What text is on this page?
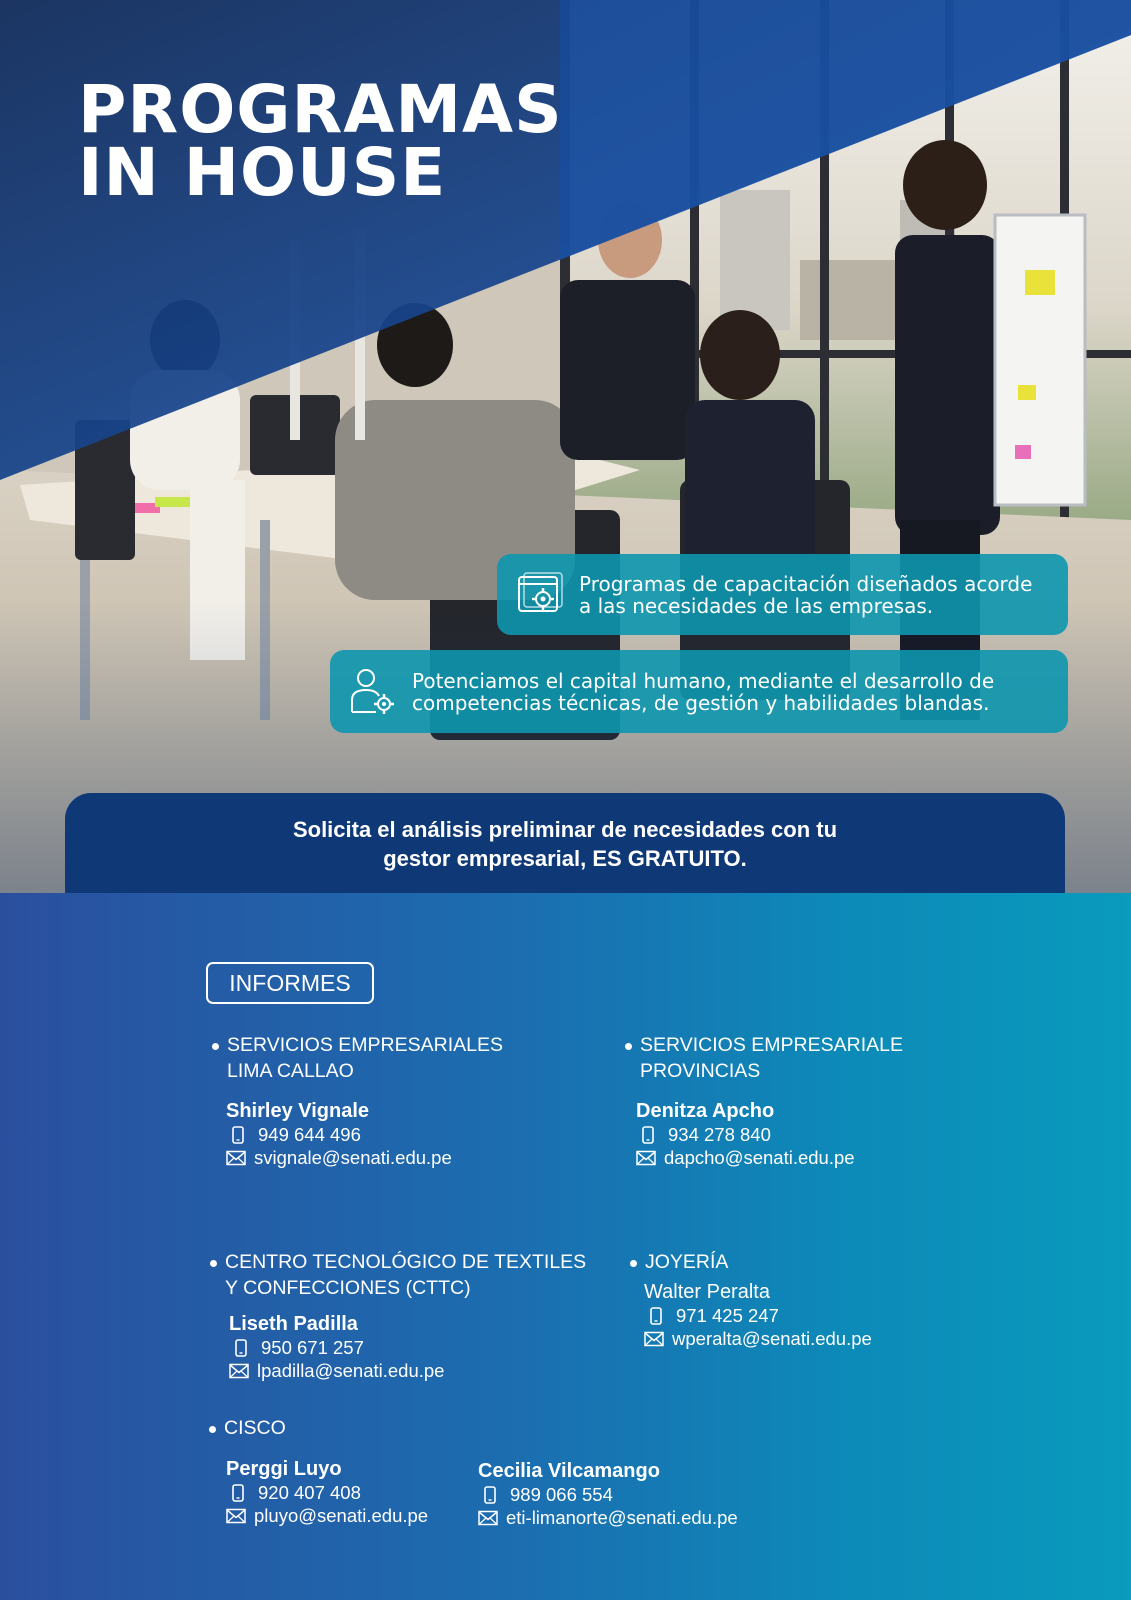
PROGRAMAS
IN HOUSE
Programas de capacitación diseñados acorde a las necesidades de las empresas.
Potenciamos el capital humano, mediante el desarrollo de competencias técnicas, de gestión y habilidades blandas.
Solicita el análisis preliminar de necesidades con tu
gestor empresarial, ES GRATUITO.
INFORMES
SERVICIOS EMPRESARIALES
LIMA CALLAO

Shirley Vignale

949 644 496
svignale@senati.edu.pe
SERVICIOS EMPRESARIALE
PROVINCIAS

Denitza Apcho

934 278 840
dapcho@senati.edu.pe
CENTRO TECNOLÓGICO DE TEXTILES
Y CONFECCIONES (CTTC)

Liseth Padilla

950 671 257
lpadilla@senati.edu.pe
JOYERÍA

Walter Peralta

971 425 247
wperalta@senati.edu.pe
CISCO

Perggi Luyo

920 407 408
pluyo@senati.edu.pe

Cecilia Vilcamango

989 066 554
eti-limanorte@senati.edu.pe
